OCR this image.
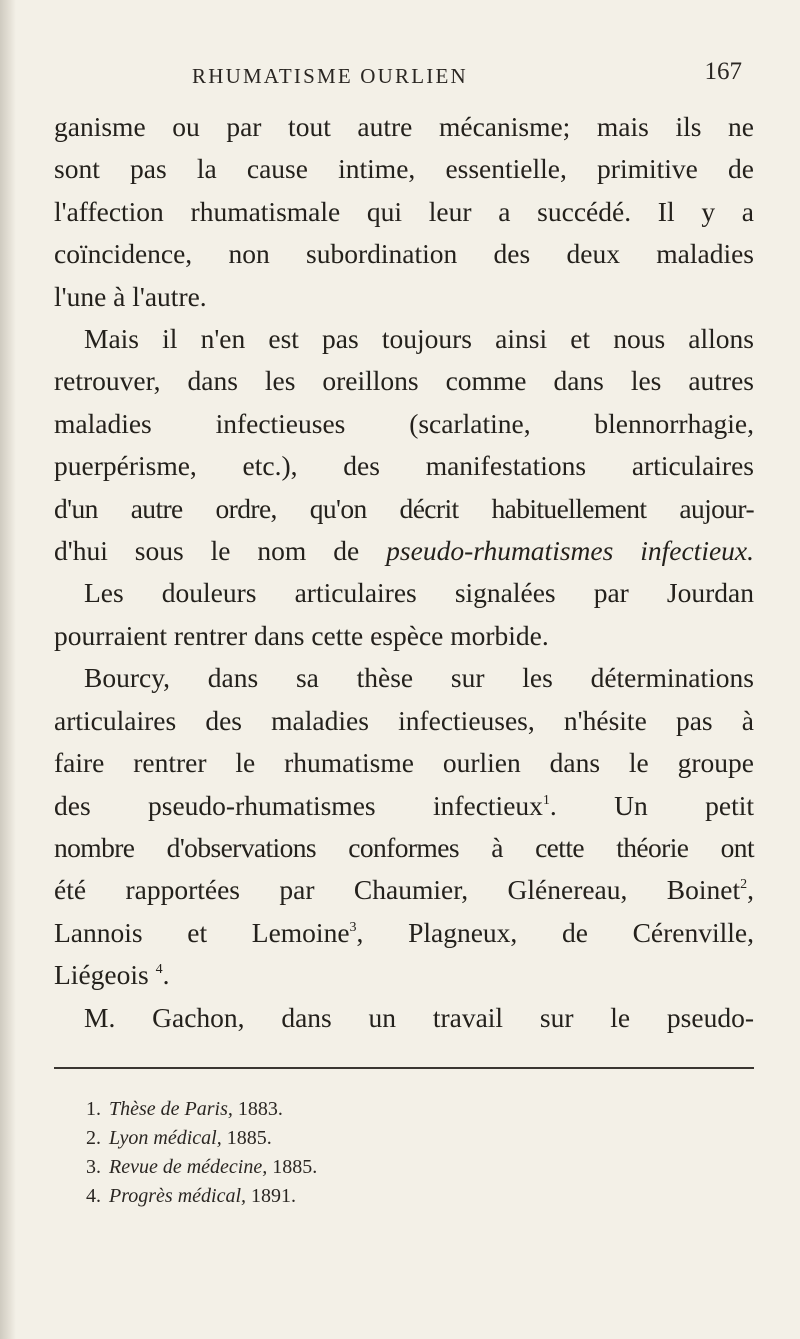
RHUMATISME OURLIEN	167
ganisme ou par tout autre mécanisme; mais ils ne
sont pas la cause intime, essentielle, primitive de
l'affection rhumatismale qui leur a succédé. Il y a
coïncidence, non subordination des deux maladies
l'une à l'autre.
Mais il n'en est pas toujours ainsi et nous allons
retrouver, dans les oreillons comme dans les autres
maladies infectieuses (scarlatine, blennorrhagie,
puerpérisme, etc.), des manifestations articulaires
d'un autre ordre, qu'on décrit habituellement aujour-
d'hui sous le nom de pseudo-rhumatismes infectieux.
Les douleurs articulaires signalées par Jourdan
pourraient rentrer dans cette espèce morbide.
Bourcy, dans sa thèse sur les déterminations
articulaires des maladies infectieuses, n'hésite pas à
faire rentrer le rhumatisme ourlien dans le groupe
des pseudo-rhumatismes infectieux$^1$. Un petit
nombre d'observations conformes à cette théorie ont
été rapportées par Chaumier, Glénereau, Boinet$^2$,
Lannois et Lemoine$^3$, Plagneux, de Cérenville,
Liégeois $^4$.
M. Gachon, dans un travail sur le pseudo-
1. Thèse de Paris, 1883.
2. Lyon médical, 1885.
3. Revue de médecine, 1885.
4. Progrès médical, 1891.
